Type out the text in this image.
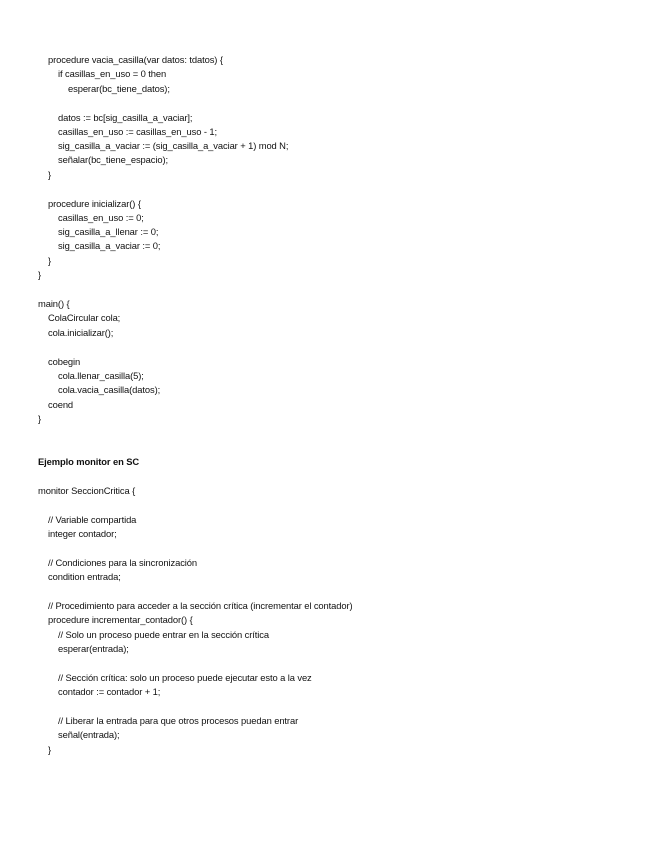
procedure vacia_casilla(var datos: tdatos) {
if casillas_en_uso = 0 then
esperar(bc_tiene_datos);
datos := bc[sig_casilla_a_vaciar];
casillas_en_uso := casillas_en_uso - 1;
sig_casilla_a_vaciar := (sig_casilla_a_vaciar + 1) mod N;
señalar(bc_tiene_espacio);
}
procedure inicializar() {
casillas_en_uso := 0;
sig_casilla_a_llenar := 0;
sig_casilla_a_vaciar := 0;
}
}
main() {
ColaCircular cola;
cola.inicializar();
cobegin
cola.llenar_casilla(5);
cola.vacia_casilla(datos);
coend
}
Ejemplo monitor en SC
monitor SeccionCritica {
// Variable compartida
integer contador;
// Condiciones para la sincronización
condition entrada;
// Procedimiento para acceder a la sección crítica (incrementar el contador)
procedure incrementar_contador() {
// Solo un proceso puede entrar en la sección crítica
esperar(entrada);
// Sección crítica: solo un proceso puede ejecutar esto a la vez
contador := contador + 1;
// Liberar la entrada para que otros procesos puedan entrar
señal(entrada);
}
